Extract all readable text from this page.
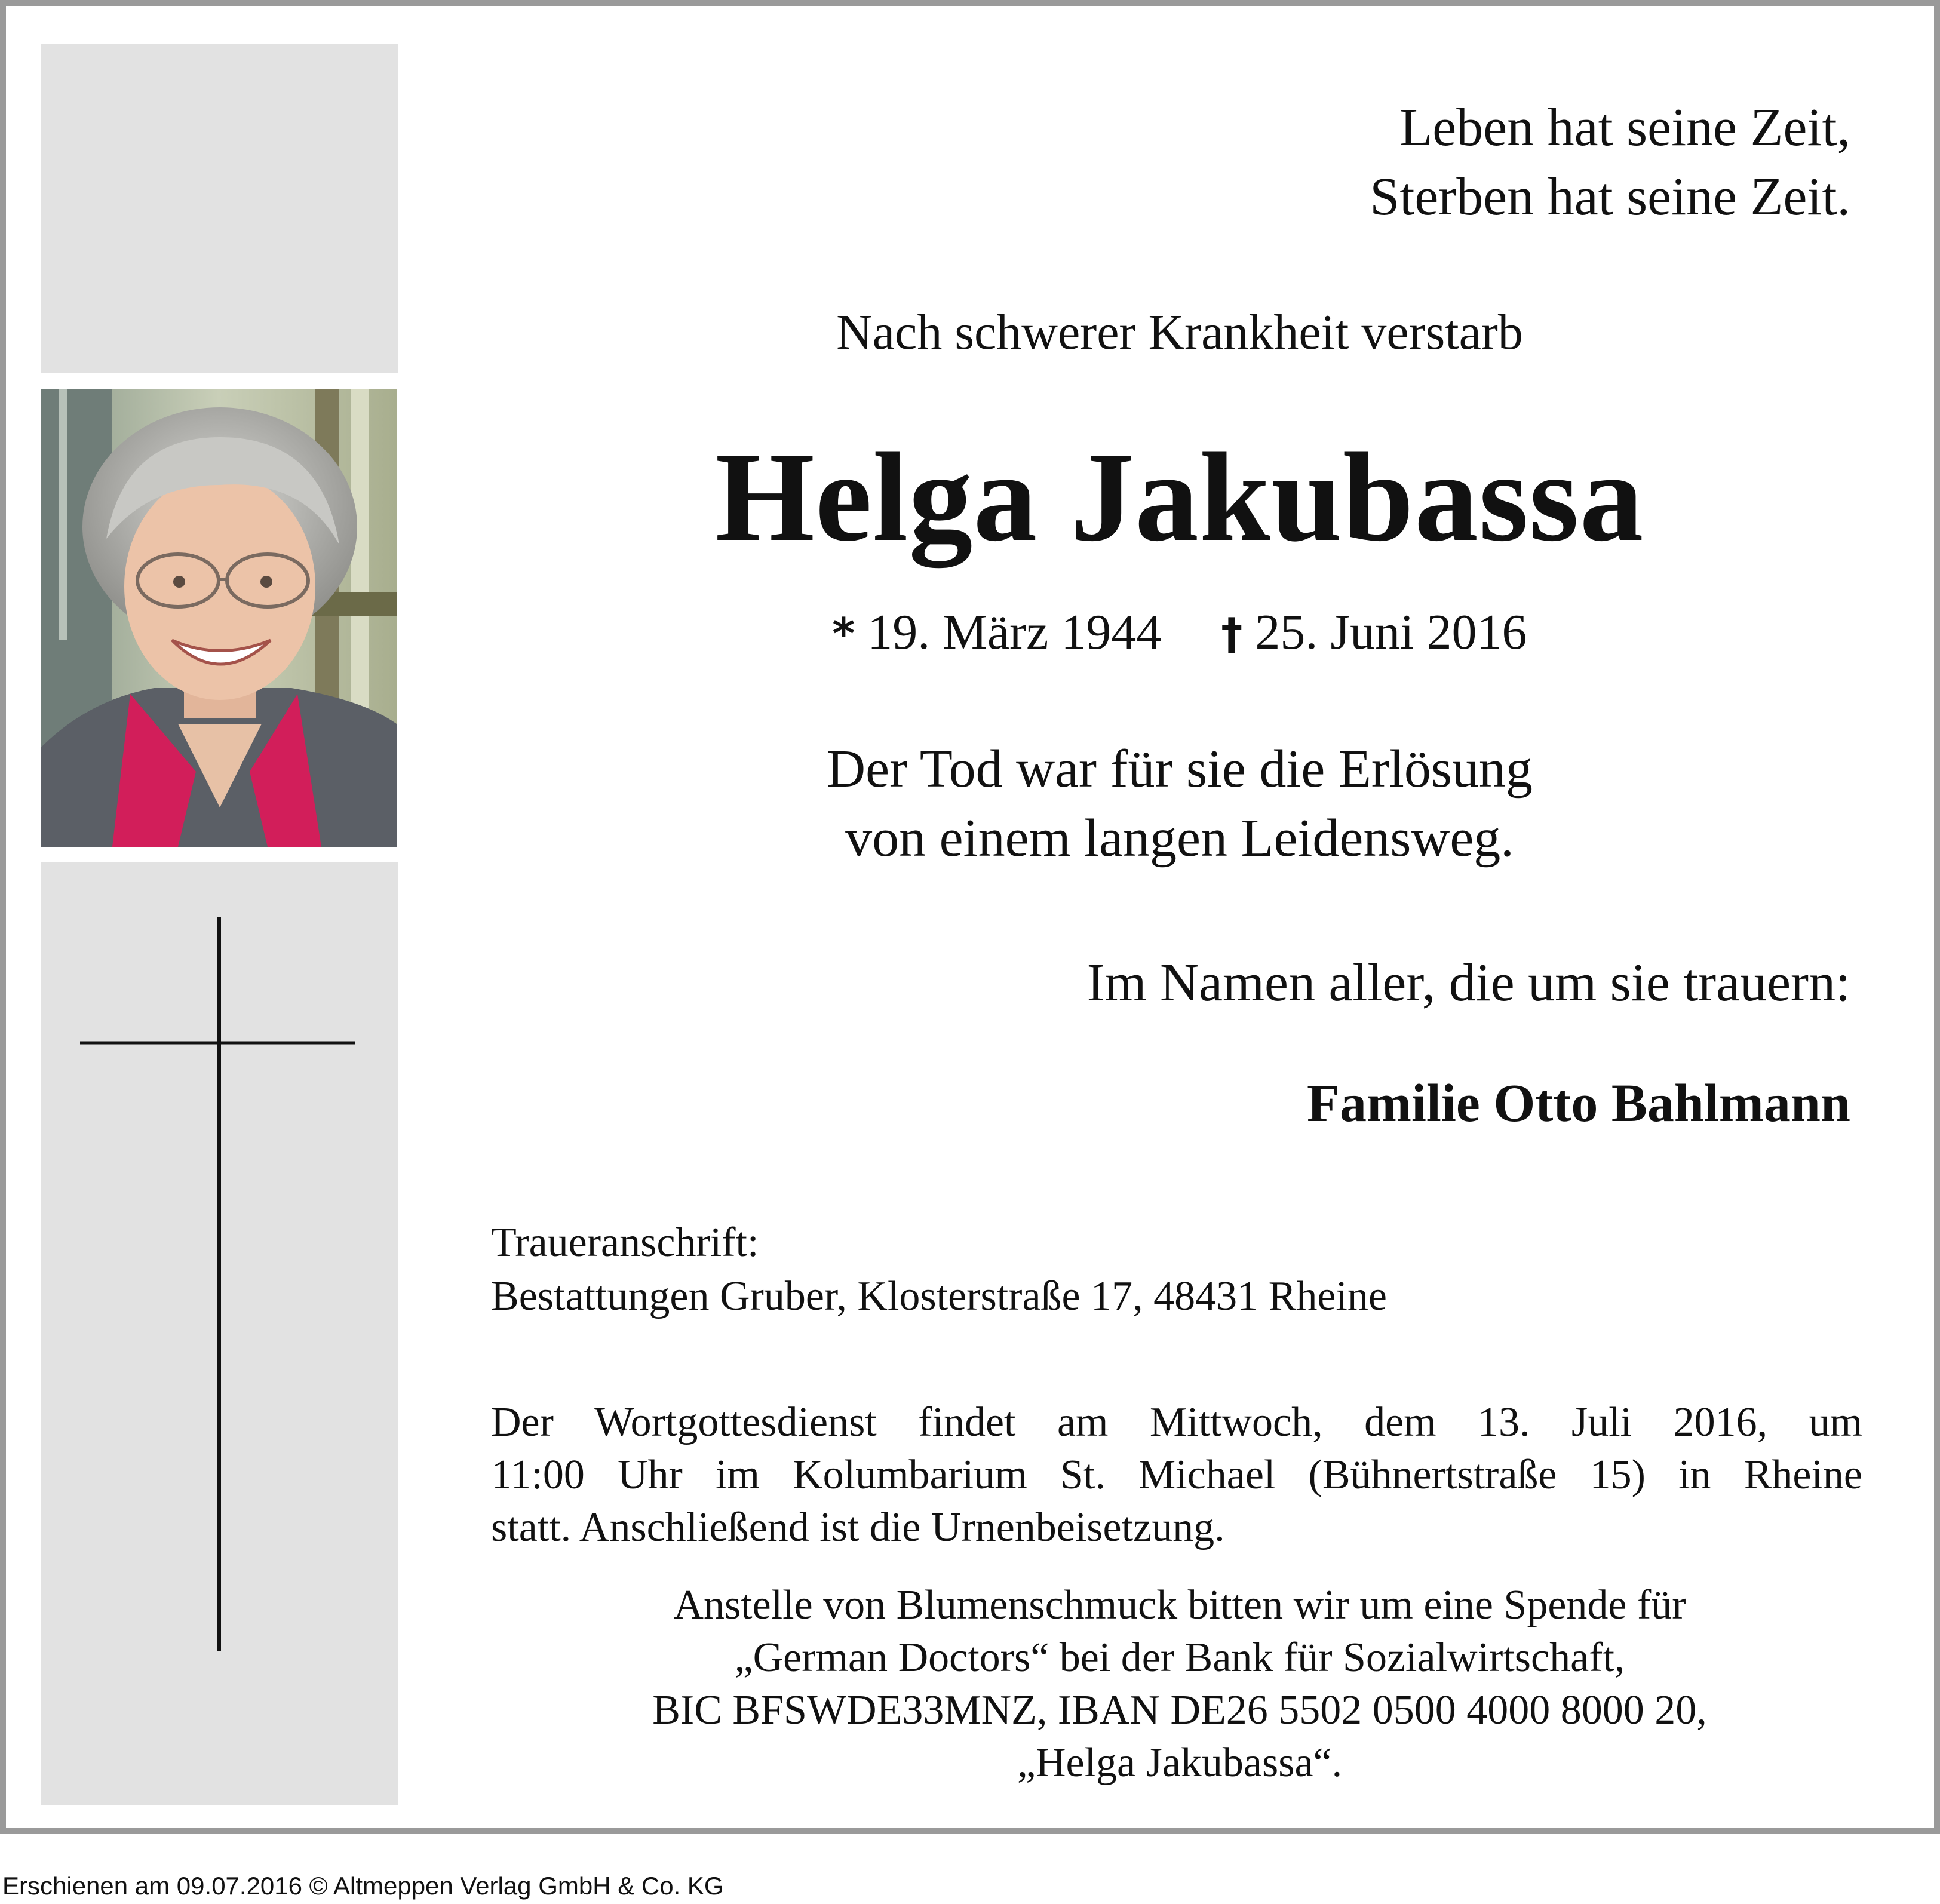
Leben hat seine Zeit,

Sterben hat seine Zeit.

Nach schwerer Krankheit verstarb

Helga Jakubassa

* 19. März 1944 † 25. Juni 2016

Der Tod war für sie die Erlösung
von einem langen Leidensweg.

Im Namen aller, die um sie trauern:

Familie Otto Bahlmann

Traueranschrift:
Bestattungen Gruber, Klosterstraße 17, 48431 Rheine

Der Wortgottesdienst findet am Mittwoch, dem 13. Juli 2016, um
11:00 Uhr im Kolumbarium St. Michael (Bühnertstraße 15) in Rheine
statt. Anschließend ist die Urnenbeisetzung.

Anstelle von Blumenschmuck bitten wir um eine Spende für
„German Doctors“ bei der Bank für Sozialwirtschaft,
BIC BFSWDE33MNZ, IBAN DE26 5502 0500 4000 8000 20,
„Helga Jakubassa“.

Erschienen am 09.07.2016 © Altmeppen Verlag GmbH & Co. KG
